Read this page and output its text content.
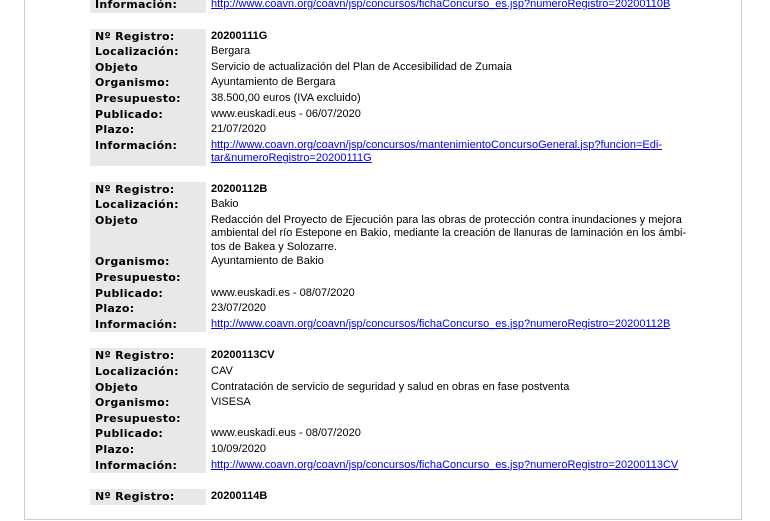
Información:	http://www.coavn.org/coavn/jsp/concursos/fichaConcurso_es.jsp?numeroRegistro=20200110B
Nº Registro:	20200111G
Localización:	Bergara
Objeto	Servicio de actualización del Plan de Accesibilidad de Zumaia
Organismo:	Ayuntamiento de Bergara
Presupuesto:	38.500,00 euros (IVA excluido)
Publicado:	www.euskadi.eus - 06/07/2020
Plazo:	21/07/2020
Información:	http://www.coavn.org/coavn/jsp/concursos/mantenimientoConcursoGeneral.jsp?funcion=Edi-
tar&numeroRegistro=20200111G
Nº Registro:	20200112B
Localización:	Bakio
Objeto	Redacción del Proyecto de Ejecución para las obras de protección contra inundaciones y mejora
ambiental del río Estepone en Bakio, mediante la creación de llanuras de laminación en los ámbi-
tos de Bakea y Solozarre.
Organismo:	Ayuntamiento de Bakio
Presupuesto:
Publicado:	www.euskadi.es - 08/07/2020
Plazo:	23/07/2020
Información:	http://www.coavn.org/coavn/jsp/concursos/fichaConcurso_es.jsp?numeroRegistro=20200112B
Nº Registro:	20200113CV
Localización:	CAV
Objeto	Contratación de servicio de seguridad y salud en obras en fase postventa
Organismo:	VISESA
Presupuesto:
Publicado:	www.euskadi.eus - 08/07/2020
Plazo:	10/09/2020
Información:	http://www.coavn.org/coavn/jsp/concursos/fichaConcurso_es.jsp?numeroRegistro=20200113CV
Nº Registro:	20200114B
